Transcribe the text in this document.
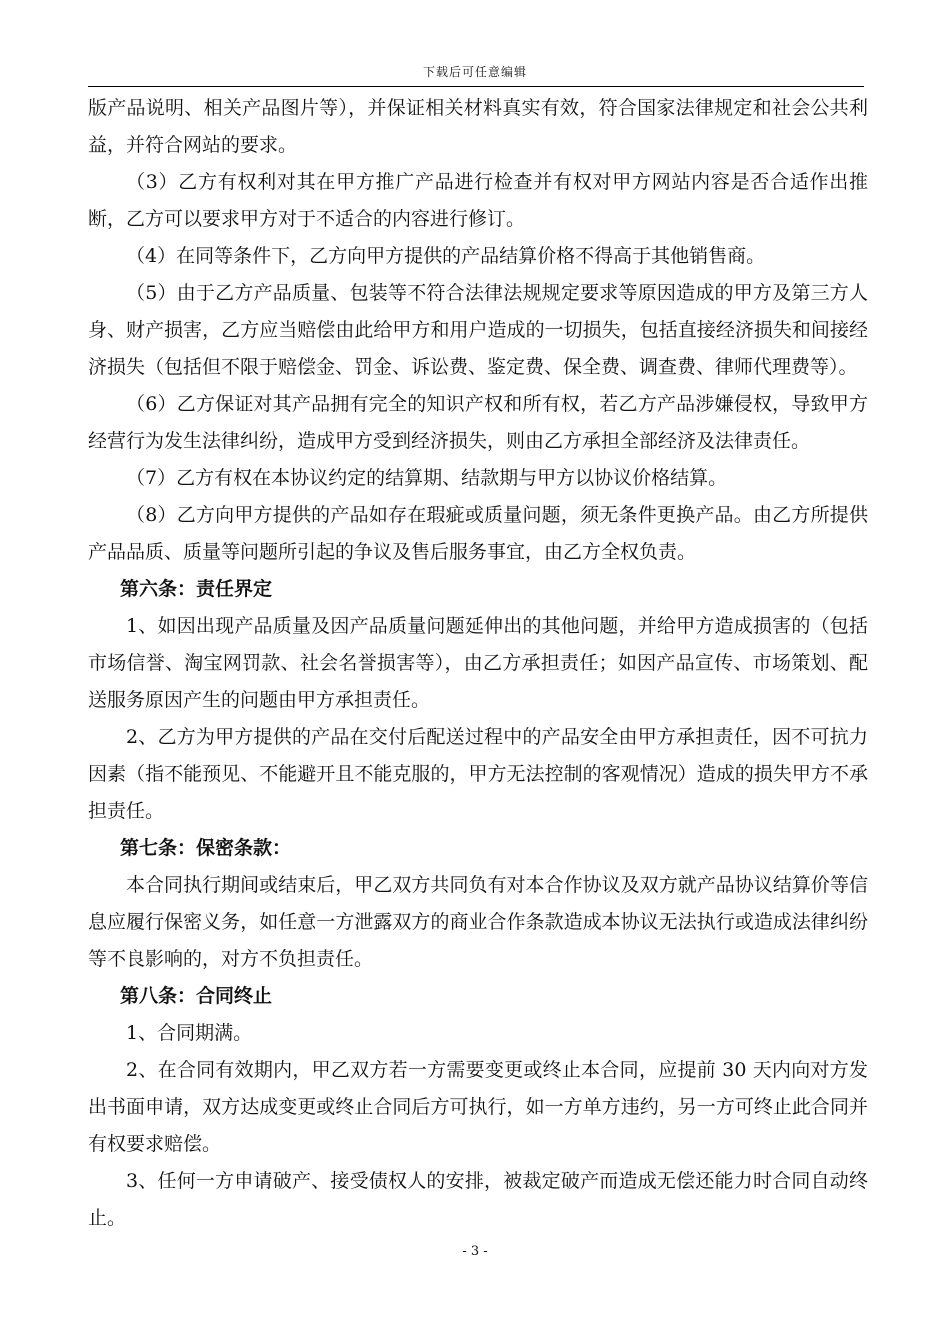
下载后可任意编辑

版产品说明、相关产品图片等），并保证相关材料真实有效，符合国家法律规定和社会公共利益，并符合网站的要求。

（3）乙方有权利对其在甲方推广产品进行检查并有权对甲方网站内容是否合适作出推断，乙方可以要求甲方对于不适合的内容进行修订。

（4）在同等条件下，乙方向甲方提供的产品结算价格不得高于其他销售商。

（5）由于乙方产品质量、包装等不符合法律法规规定要求等原因造成的甲方及第三方人身、财产损害，乙方应当赔偿由此给甲方和用户造成的一切损失，包括直接经济损失和间接经济损失（包括但不限于赔偿金、罚金、诉讼费、鉴定费、保全费、调查费、律师代理费等）。

（6）乙方保证对其产品拥有完全的知识产权和所有权，若乙方产品涉嫌侵权，导致甲方经营行为发生法律纠纷，造成甲方受到经济损失，则由乙方承担全部经济及法律责任。

（7）乙方有权在本协议约定的结算期、结款期与甲方以协议价格结算。

（8）乙方向甲方提供的产品如存在瑕疵或质量问题，须无条件更换产品。由乙方所提供产品品质、质量等问题所引起的争议及售后服务事宜，由乙方全权负责。

第六条：责任界定

1、如因出现产品质量及因产品质量问题延伸出的其他问题，并给甲方造成损害的（包括市场信誉、淘宝网罚款、社会名誉损害等），由乙方承担责任；如因产品宣传、市场策划、配送服务原因产生的问题由甲方承担责任。

2、乙方为甲方提供的产品在交付后配送过程中的产品安全由甲方承担责任，因不可抗力因素（指不能预见、不能避开且不能克服的，甲方无法控制的客观情况）造成的损失甲方不承担责任。

第七条：保密条款：

本合同执行期间或结束后，甲乙双方共同负有对本合作协议及双方就产品协议结算价等信息应履行保密义务，如任意一方泄露双方的商业合作条款造成本协议无法执行或造成法律纠纷等不良影响的，对方不负担责任。

第八条：合同终止

1、合同期满。

2、在合同有效期内，甲乙双方若一方需要变更或终止本合同，应提前 30 天内向对方发出书面申请，双方达成变更或终止合同后方可执行，如一方单方违约，另一方可终止此合同并有权要求赔偿。

3、任何一方申请破产、接受债权人的安排，被裁定破产而造成无偿还能力时合同自动终止。

- 3 -
